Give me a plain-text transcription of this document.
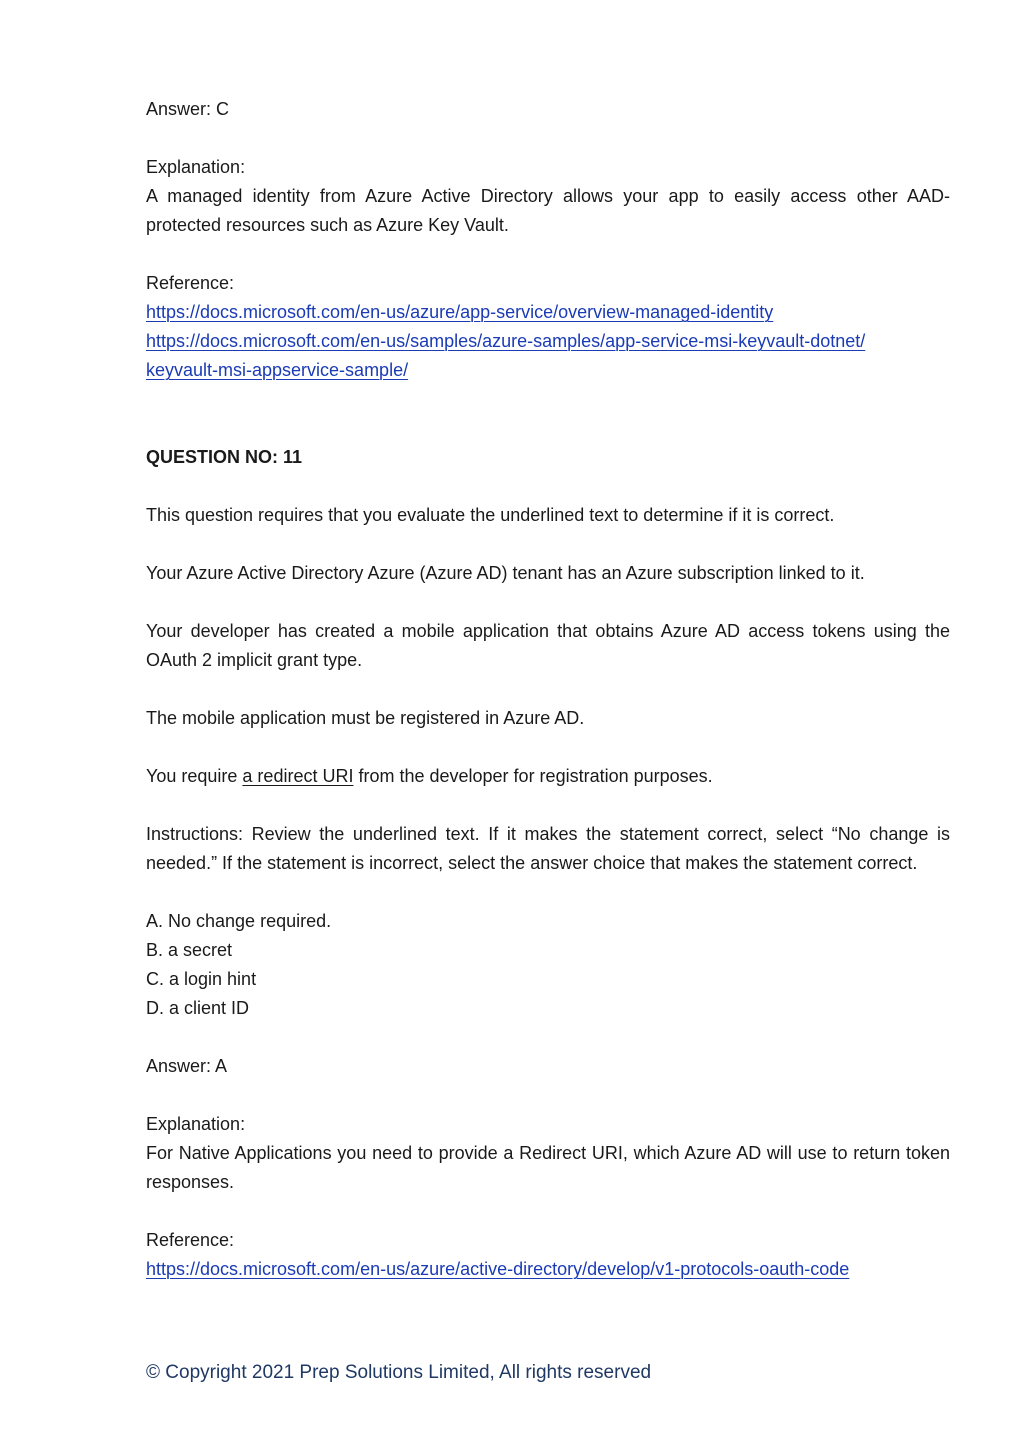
Answer: C
Explanation:
A managed identity from Azure Active Directory allows your app to easily access other AAD-protected resources such as Azure Key Vault.
Reference:
https://docs.microsoft.com/en-us/azure/app-service/overview-managed-identity
https://docs.microsoft.com/en-us/samples/azure-samples/app-service-msi-keyvault-dotnet/keyvault-msi-appservice-sample/
QUESTION NO: 11
This question requires that you evaluate the underlined text to determine if it is correct.
Your Azure Active Directory Azure (Azure AD) tenant has an Azure subscription linked to it.
Your developer has created a mobile application that obtains Azure AD access tokens using the OAuth 2 implicit grant type.
The mobile application must be registered in Azure AD.
You require a redirect URI from the developer for registration purposes.
Instructions: Review the underlined text. If it makes the statement correct, select “No change is needed.” If the statement is incorrect, select the answer choice that makes the statement correct.
A. No change required.
B. a secret
C. a login hint
D. a client ID
Answer: A
Explanation:
For Native Applications you need to provide a Redirect URI, which Azure AD will use to return token responses.
Reference:
https://docs.microsoft.com/en-us/azure/active-directory/develop/v1-protocols-oauth-code
© Copyright 2021 Prep Solutions Limited, All rights reserved
